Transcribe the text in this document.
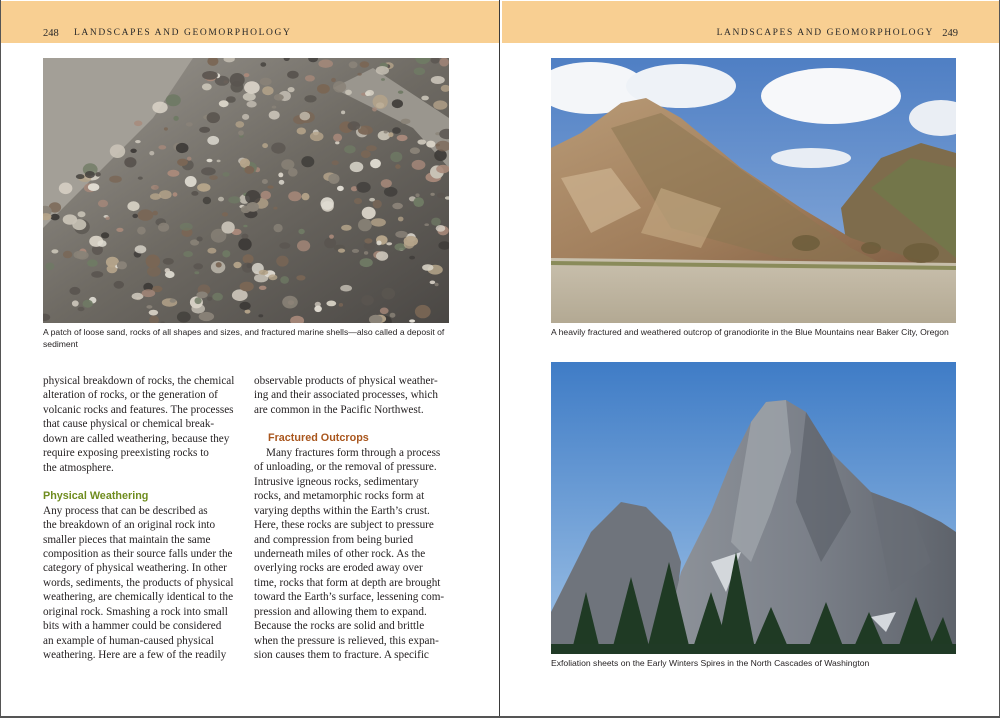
248 LANDSCAPES AND GEOMORPHOLOGY
A patch of loose sand, rocks of all shapes and sizes, and fractured marine shells—also called a deposit of
sediment

physical breakdown of rocks, the chemical
alteration of rocks, or the generation of
volcanic rocks and features. The processes
that cause physical or chemical break-
down are called weathering, because they
require exposing preexisting rocks to
the atmosphere.

Physical Weathering

Any process that can be described as
the breakdown of an original rock into
smaller pieces that maintain the same
composition as their source falls under the
category of physical weathering. In other
words, sediments, the products of physical
weathering, are chemically identical to the
original rock. Smashing a rock into small
bits with a hammer could be considered
an example of human-caused physical
weathering. Here are a few of the readily

observable products of physical weather-
ing and their associated processes, which
are common in the Pacific Northwest.

Fractured Outcrops

Many fractures form through a process
of unloading, or the removal of pressure.
Intrusive igneous rocks, sedimentary
rocks, and metamorphic rocks form at
varying depths within the Earth’s crust.
Here, these rocks are subject to pressure
and compression from being buried
underneath miles of other rock. As the
overlying rocks are eroded away over
time, rocks that form at depth are brought
toward the Earth’s surface, lessening com-
pression and allowing them to expand.
Because the rocks are solid and brittle
when the pressure is relieved, this expan-
sion causes them to fracture. A specific

LANDSCAPES AND GEOMORPHOLOGY 249
A heavily fractured and weathered outcrop of granodiorite in the Blue Mountains near Baker City, Oregon
Exfoliation sheets on the Early Winters Spires in the North Cascades of Washington
